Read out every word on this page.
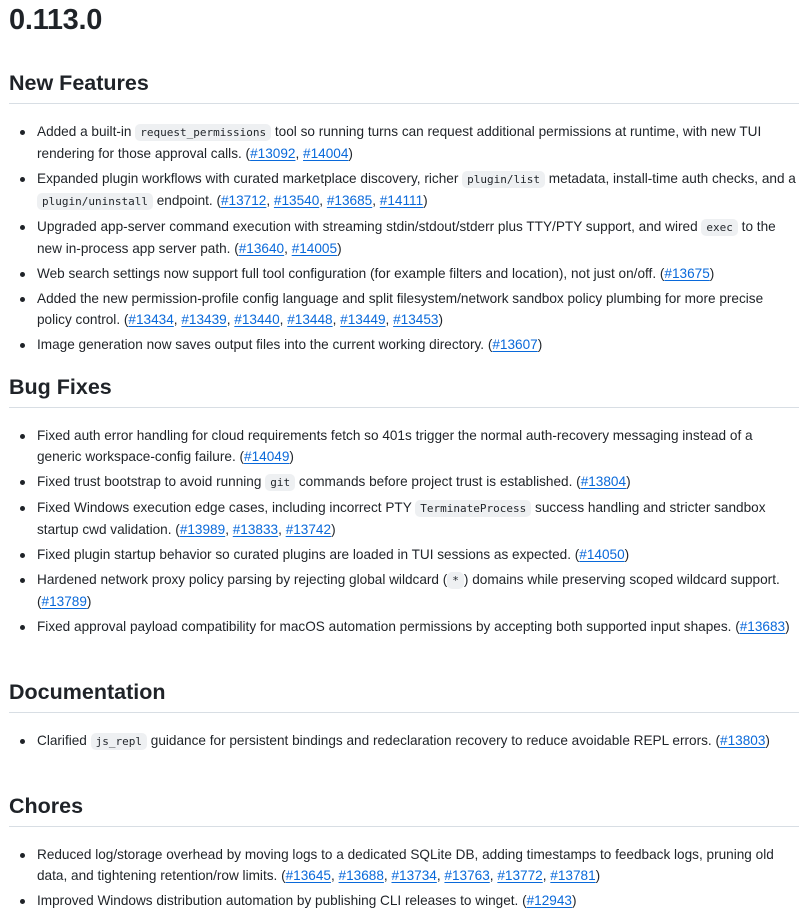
0.113.0
New Features
Added a built-in request_permissions tool so running turns can request additional permissions at runtime, with new TUI rendering for those approval calls. (#13092, #14004)
Expanded plugin workflows with curated marketplace discovery, richer plugin/list metadata, install-time auth checks, and a plugin/uninstall endpoint. (#13712, #13540, #13685, #14111)
Upgraded app-server command execution with streaming stdin/stdout/stderr plus TTY/PTY support, and wired exec to the new in-process app server path. (#13640, #14005)
Web search settings now support full tool configuration (for example filters and location), not just on/off. (#13675)
Added the new permission-profile config language and split filesystem/network sandbox policy plumbing for more precise policy control. (#13434, #13439, #13440, #13448, #13449, #13453)
Image generation now saves output files into the current working directory. (#13607)
Bug Fixes
Fixed auth error handling for cloud requirements fetch so 401s trigger the normal auth-recovery messaging instead of a generic workspace-config failure. (#14049)
Fixed trust bootstrap to avoid running git commands before project trust is established. (#13804)
Fixed Windows execution edge cases, including incorrect PTY TerminateProcess success handling and stricter sandbox startup cwd validation. (#13989, #13833, #13742)
Fixed plugin startup behavior so curated plugins are loaded in TUI sessions as expected. (#14050)
Hardened network proxy policy parsing by rejecting global wildcard ( * ) domains while preserving scoped wildcard support. (#13789)
Fixed approval payload compatibility for macOS automation permissions by accepting both supported input shapes. (#13683)
Documentation
Clarified js_repl guidance for persistent bindings and redeclaration recovery to reduce avoidable REPL errors. (#13803)
Chores
Reduced log/storage overhead by moving logs to a dedicated SQLite DB, adding timestamps to feedback logs, pruning old data, and tightening retention/row limits. (#13645, #13688, #13734, #13763, #13772, #13781)
Improved Windows distribution automation by publishing CLI releases to winget. (#12943)
